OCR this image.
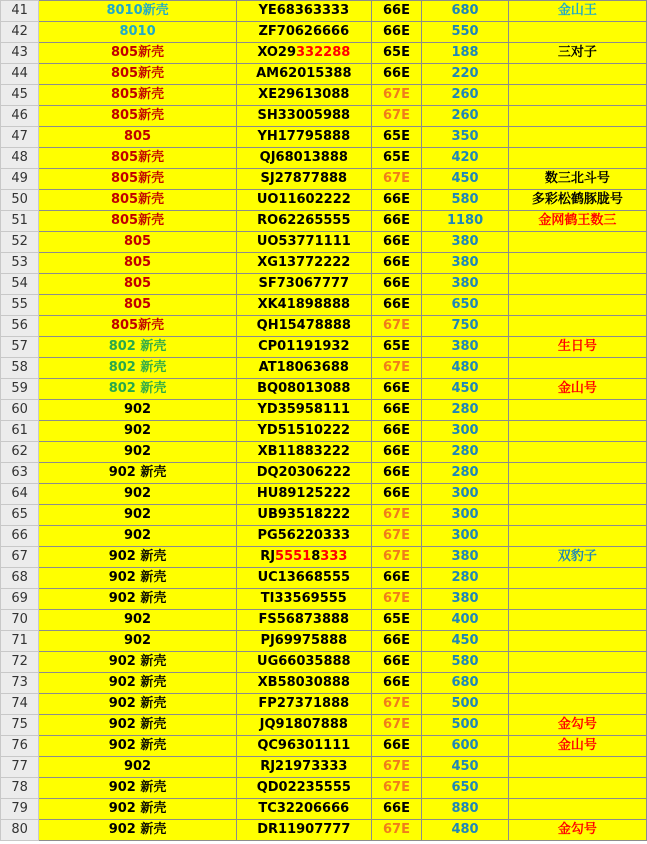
41	8010新壳	YE68363333	66E	680	金山王
42	8010	ZF70626666	66E	550	
43	805新壳	XO29332288	65E	188	三对子
44	805新壳	AM62015388	66E	220	
45	805新壳	XE29613088	67E	260	
46	805新壳	SH33005988	67E	260	
47	805	YH17795888	65E	350	
48	805新壳	QJ68013888	65E	420	
49	805新壳	SJ27877888	67E	450	数三北斗号
50	805新壳	UO11602222	66E	580	多彩松鹤豚胧号
51	805新壳	RO62265555	66E	1180	金网鹤王数三
52	805	UO53771111	66E	380	
53	805	XG13772222	66E	380	
54	805	SF73067777	66E	380	
55	805	XK41898888	66E	650	
56	805新壳	QH15478888	67E	750	
57	802 新壳	CP01191932	65E	380	生日号
58	802 新壳	AT18063688	67E	480	
59	802 新壳	BQ08013088	66E	450	金山号
60	902	YD35958111	66E	280	
61	902	YD51510222	66E	300	
62	902	XB11883222	66E	280	
63	902 新壳	DQ20306222	66E	280	
64	902	HU89125222	66E	300	
65	902	UB93518222	67E	300	
66	902	PG56220333	67E	300	
67	902 新壳	RJ55518333	67E	380	双豹子
68	902 新壳	UC13668555	66E	280	
69	902 新壳	TI33569555	67E	380	
70	902	FS56873888	65E	400	
71	902	PJ69975888	66E	450	
72	902 新壳	UG66035888	66E	580	
73	902 新壳	XB58030888	66E	680	
74	902 新壳	FP27371888	67E	500	
75	902 新壳	JQ91807888	67E	500	金勾号
76	902 新壳	QC96301111	66E	600	金山号
77	902	RJ21973333	67E	450	
78	902 新壳	QD02235555	67E	650	
79	902 新壳	TC32206666	66E	880	
80	902 新壳	DR11907777	67E	480	金勾号
